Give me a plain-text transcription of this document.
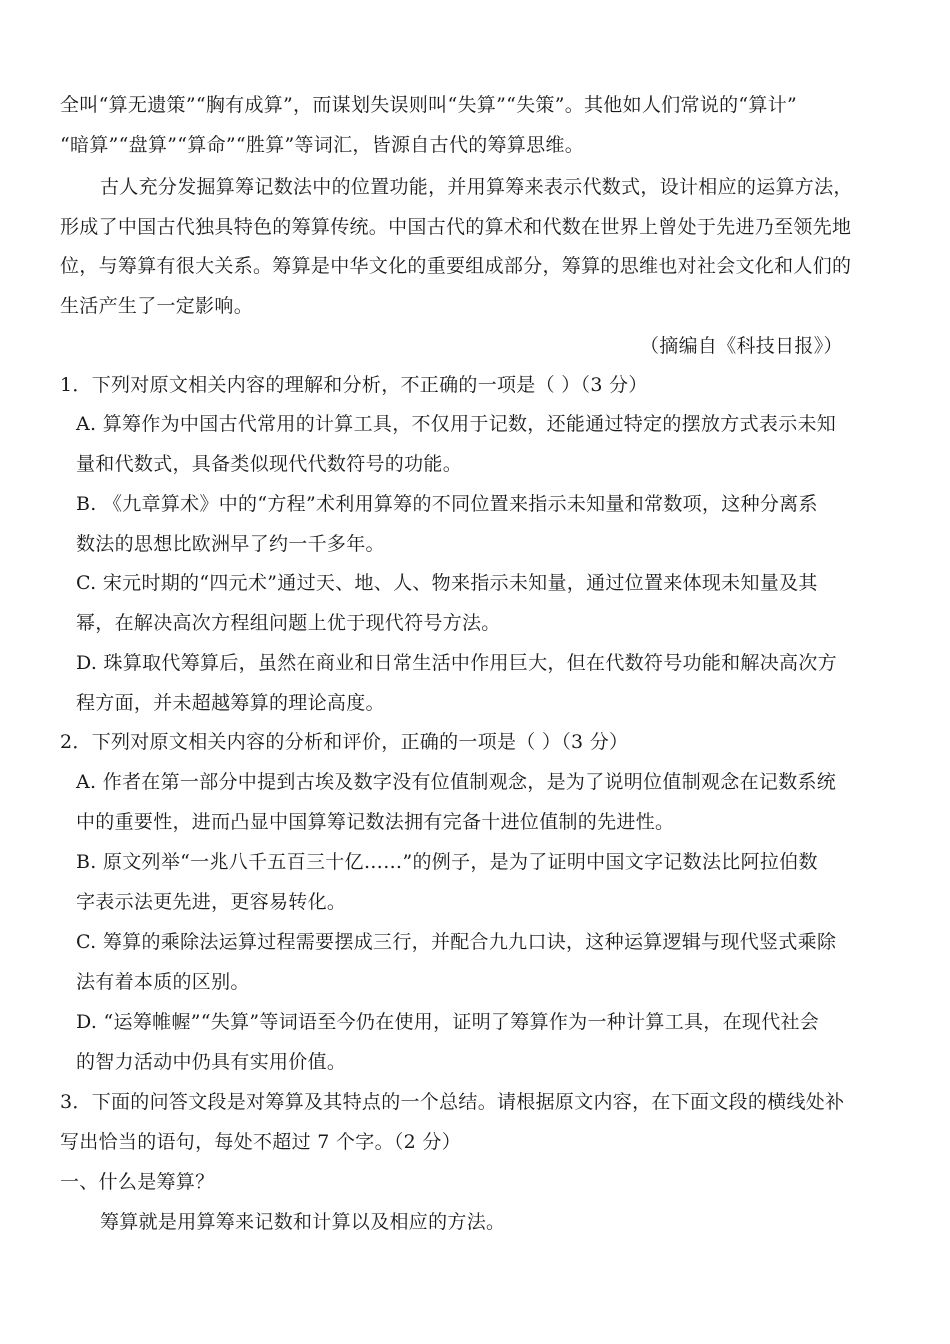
全叫“算无遗策”“胸有成算”，而谋划失误则叫“失算”“失策”。其他如人们常说的“算计”
“暗算”“盘算”“算命”“胜算”等词汇，皆源自古代的筹算思维。
古人充分发掘算筹记数法中的位置功能，并用算筹来表示代数式，设计相应的运算方法，
形成了中国古代独具特色的筹算传统。中国古代的算术和代数在世界上曾处于先进乃至领先地
位，与筹算有很大关系。筹算是中华文化的重要组成部分，筹算的思维也对社会文化和人们的
生活产生了一定影响。
（摘编自《科技日报》）
1．下列对原文相关内容的理解和分析，不正确的一项是（ ）（3 分）
A. 算筹作为中国古代常用的计算工具，不仅用于记数，还能通过特定的摆放方式表示未知
量和代数式，具备类似现代代数符号的功能。
B. 《九章算术》中的“方程”术利用算筹的不同位置来指示未知量和常数项，这种分离系
数法的思想比欧洲早了约一千多年。
C. 宋元时期的“四元术”通过天、地、人、物来指示未知量，通过位置来体现未知量及其
幂，在解决高次方程组问题上优于现代符号方法。
D. 珠算取代筹算后，虽然在商业和日常生活中作用巨大，但在代数符号功能和解决高次方
程方面，并未超越筹算的理论高度。
2．下列对原文相关内容的分析和评价，正确的一项是（ ）（3 分）
A. 作者在第一部分中提到古埃及数字没有位值制观念，是为了说明位值制观念在记数系统
中的重要性，进而凸显中国算筹记数法拥有完备十进位值制的先进性。
B. 原文列举“一兆八千五百三十亿……”的例子，是为了证明中国文字记数法比阿拉伯数
字表示法更先进，更容易转化。
C. 筹算的乘除法运算过程需要摆成三行，并配合九九口诀，这种运算逻辑与现代竖式乘除
法有着本质的区别。
D. “运筹帷幄”“失算”等词语至今仍在使用，证明了筹算作为一种计算工具，在现代社会
的智力活动中仍具有实用价值。
3．下面的问答文段是对筹算及其特点的一个总结。请根据原文内容，在下面文段的横线处补
写出恰当的语句，每处不超过 7 个字。（2 分）
一、什么是筹算？
筹算就是用算筹来记数和计算以及相应的方法。
